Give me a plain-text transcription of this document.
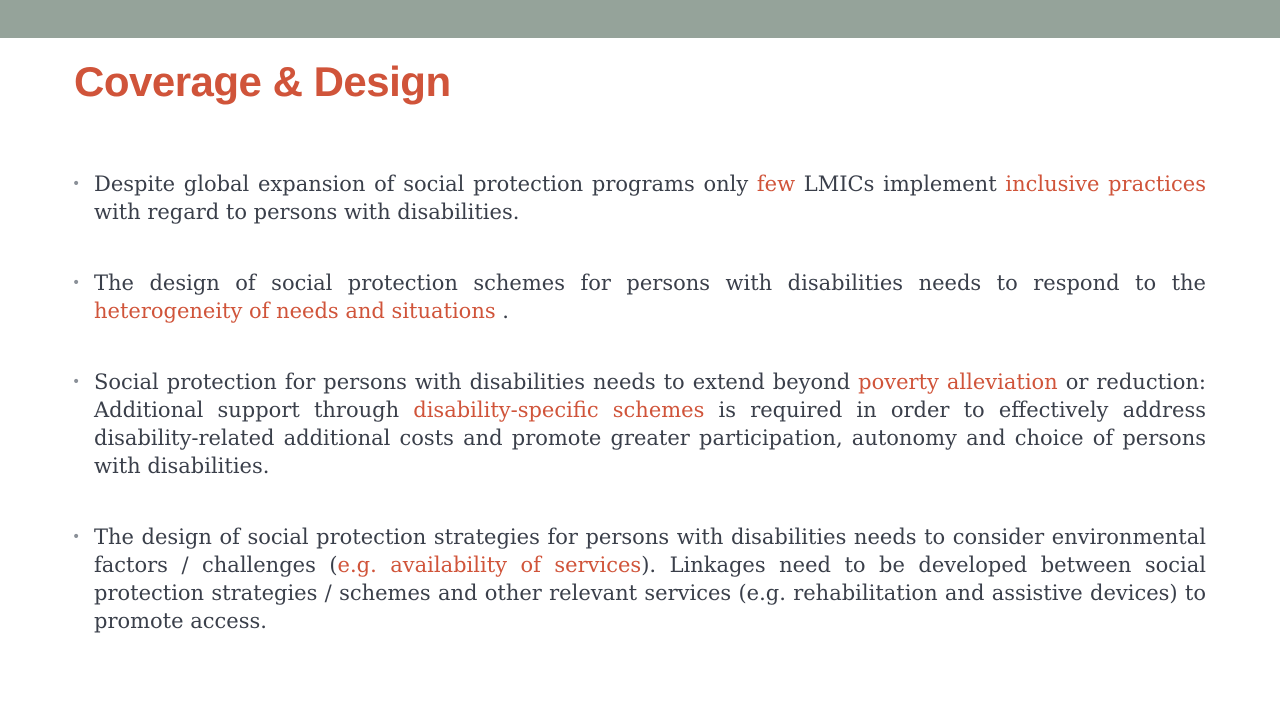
Coverage & Design
• Despite global expansion of social protection programs only few LMICs implement inclusive practices with regard to persons with disabilities.
• The design of social protection schemes for persons with disabilities needs to respond to the heterogeneity of needs and situations .
• Social protection for persons with disabilities needs to extend beyond poverty alleviation or reduction: Additional support through disability-specific schemes is required in order to effectively address disability-related additional costs and promote greater participation, autonomy and choice of persons with disabilities.
• The design of social protection strategies for persons with disabilities needs to consider environmental factors / challenges (e.g. availability of services). Linkages need to be developed between social protection strategies / schemes and other relevant services (e.g. rehabilitation and assistive devices) to promote access.
